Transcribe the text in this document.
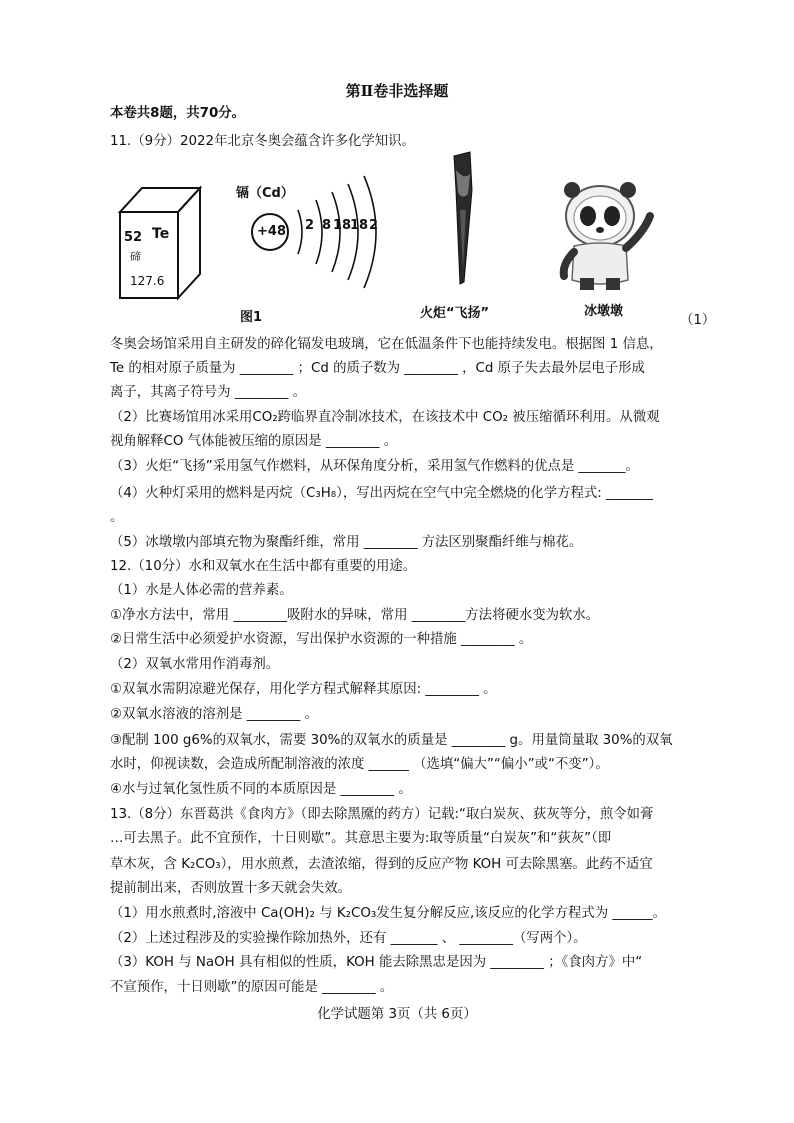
第Ⅱ卷非选择题
本卷共8题，共70分。
11.（9分）2022年北京冬奥会蕴含许多化学知识。
52 Te
碲
127.6
镉（Cd）
+48 2 8 18
18 2
图1	火炬“飞扬”	冰墩墩
（1）
冬奥会场馆采用自主研发的碎化镉发电玻璃，它在低温条件下也能持续发电。根据图 1 信息，
Te 的相对原子质量为 ________ ；Cd 的质子数为 ________ ，Cd 原子失去最外层电子形成
离子，其离子符号为 ________ 。
（2）比赛场馆用冰采用CO₂跨临界直冷制冰技术，在该技术中 CO₂ 被压缩循环利用。从微观
视角解释CO 气体能被压缩的原因是 ________ 。
（3）火炬“飞扬”采用氢气作燃料，从环保角度分析，采用氢气作燃料的优点是 _______。
（4）火种灯采用的燃料是丙烷（C₃H₈），写出丙烷在空气中完全燃烧的化学方程式: _______
。
（5）冰墩墩内部填充物为聚酯纤维，常用 ________ 方法区别聚酯纤维与棉花。
12.（10分）水和双氧水在生活中都有重要的用途。
（1）水是人体必需的营养素。
①净水方法中，常用 ________吸附水的异味，常用 ________方法将硬水变为软水。
②日常生活中必须爱护水资源，写出保护水资源的一种措施 ________ 。
（2）双氧水常用作消毒剂。
①双氧水需阴凉避光保存，用化学方程式解释其原因: ________ 。
②双氧水溶液的溶剂是 ________ 。
③配制 100 g6%的双氧水，需要 30%的双氧水的质量是 ________ g。用量筒量取 30%的双氧
水时，仰视读数，会造成所配制溶液的浓度 ______ （选填“偏大”“偏小”或“不变”）。
④水与过氧化氢性质不同的本质原因是 ________ 。
13.（8分）东晋葛洪《食肉方》（即去除黑黡的药方）记载:“取白炭灰、荻灰等分，煎令如膏
…可去黑子。此不宜预作，十日则歇”。其意思主要为:取等质量“白炭灰”和“荻灰”（即
草木灰，含 K₂CO₃），用水煎煮，去渣浓缩，得到的反应产物 KOH 可去除黑塞。此药不适宜
提前制出来，否则放置十多天就会失效。
（1）用水煎煮时,溶液中 Ca(OH)₂ 与 K₂CO₃发生复分解反应,该反应的化学方程式为 ______。
（2）上述过程涉及的实验操作除加热外，还有 _______ 、 ________（写两个）。
（3）KOH 与 NaOH 具有相似的性质，KOH 能去除黑忠是因为 ________ ；《食肉方》中“
不宣预作，十日则歇”的原因可能是 ________ 。
化学试题第 3页（共 6页）
